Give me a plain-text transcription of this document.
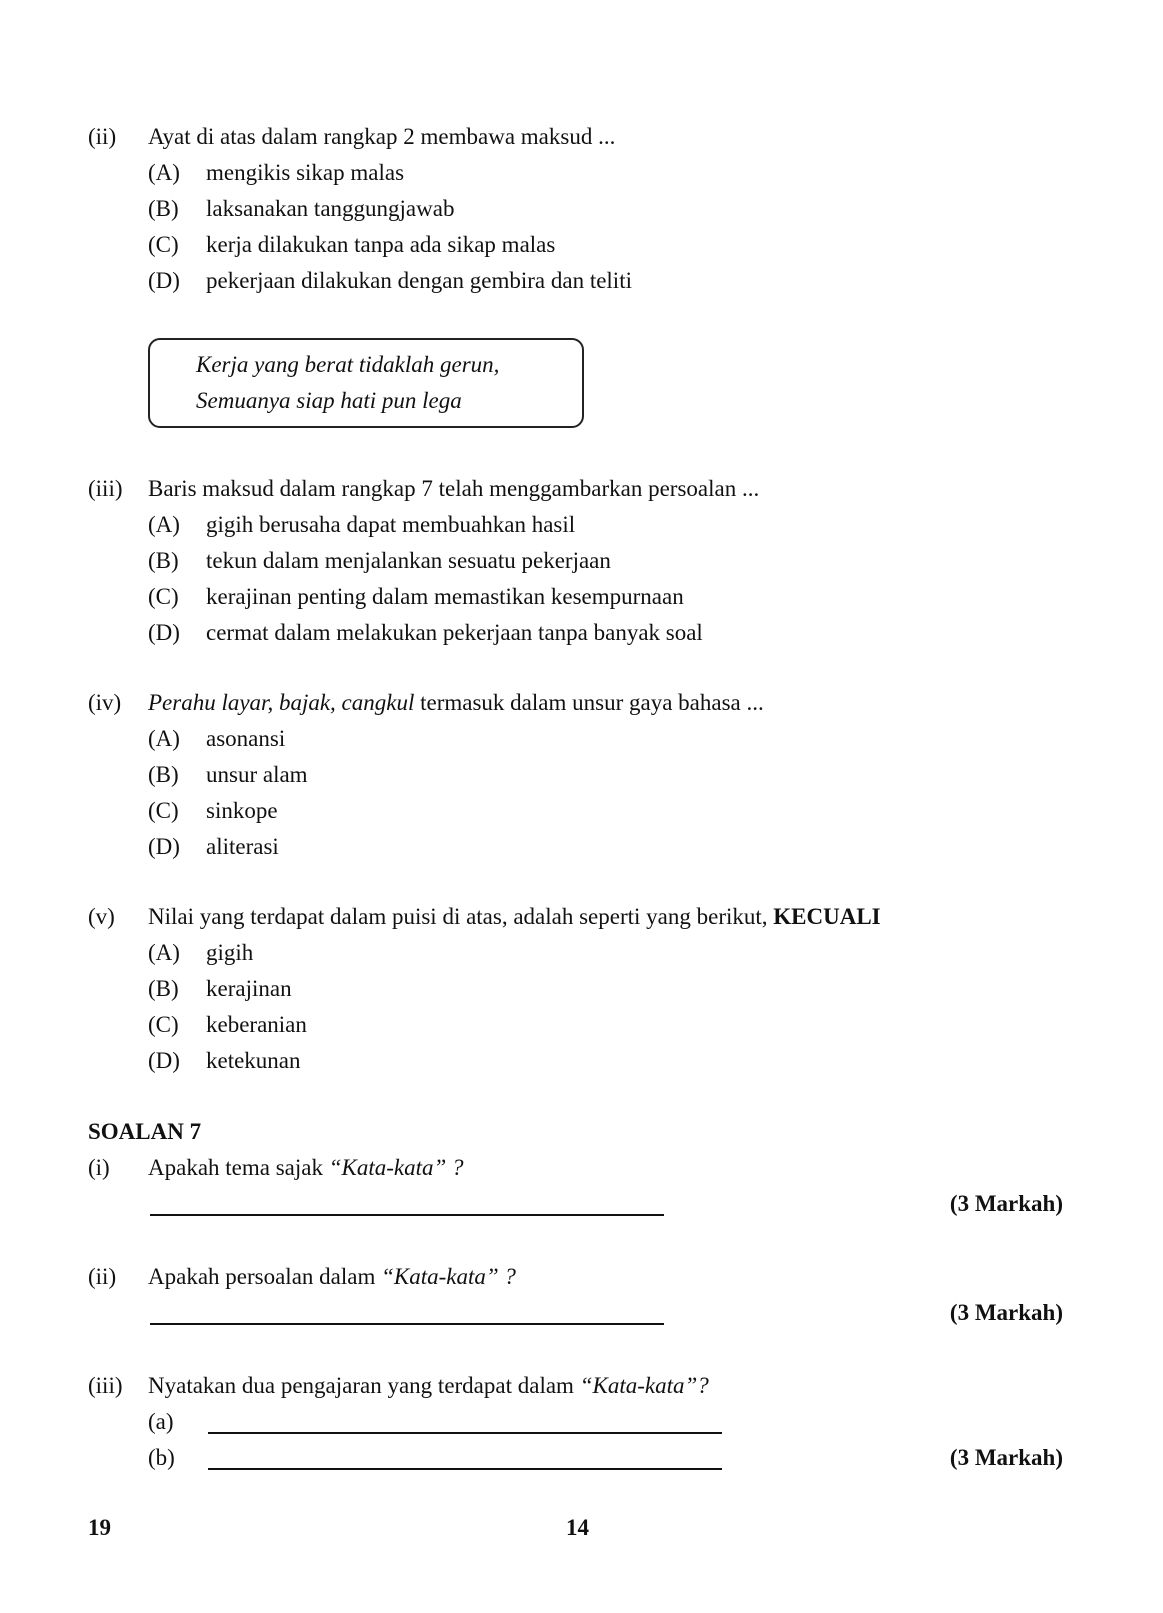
(ii) Ayat di atas dalam rangkap 2 membawa maksud ...
(A) mengikis sikap malas
(B) laksanakan tanggungjawab
(C) kerja dilakukan tanpa ada sikap malas
(D) pekerjaan dilakukan dengan gembira dan teliti
Kerja yang berat tidaklah gerun,
Semuanya siap hati pun lega
(iii) Baris maksud dalam rangkap 7 telah menggambarkan persoalan ...
(A) gigih berusaha dapat membuahkan hasil
(B) tekun dalam menjalankan sesuatu pekerjaan
(C) kerajinan penting dalam memastikan kesempurnaan
(D) cermat dalam melakukan pekerjaan tanpa banyak soal
(iv) Perahu layar, bajak, cangkul termasuk dalam unsur gaya bahasa ...
(A) asonansi
(B) unsur alam
(C) sinkope
(D) aliterasi
(v) Nilai yang terdapat dalam puisi di atas, adalah seperti yang berikut, KECUALI
(A) gigih
(B) kerajinan
(C) keberanian
(D) ketekunan
SOALAN 7
(i) Apakah tema sajak “Kata-kata” ?
(3 Markah)
(ii) Apakah persoalan dalam “Kata-kata” ?
(3 Markah)
(iii) Nyatakan dua pengajaran yang terdapat dalam “Kata-kata”?
(a)
(b)	(3 Markah)
19	14
